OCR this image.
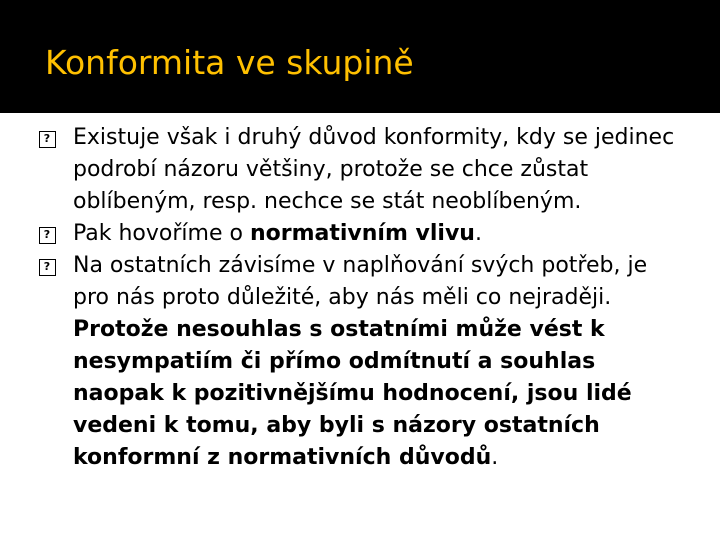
Konformita ve skupině
? Existuje však i druhý důvod konformity, kdy se jedinec podrobí názoru většiny, protože se chce zůstat oblíbeným, resp. nechce se stát neoblíbeným.
? Pak hovoříme o normativním vlivu.
? Na ostatních závisíme v naplňování svých potřeb, je pro nás proto důležité, aby nás měli co nejraději. Protože nesouhlas s ostatními může vést k nesympatiím či přímo odmítnutí a souhlas naopak k pozitivnějšímu hodnocení, jsou lidé vedeni k tomu, aby byli s názory ostatních konformní z normativních důvodů.
